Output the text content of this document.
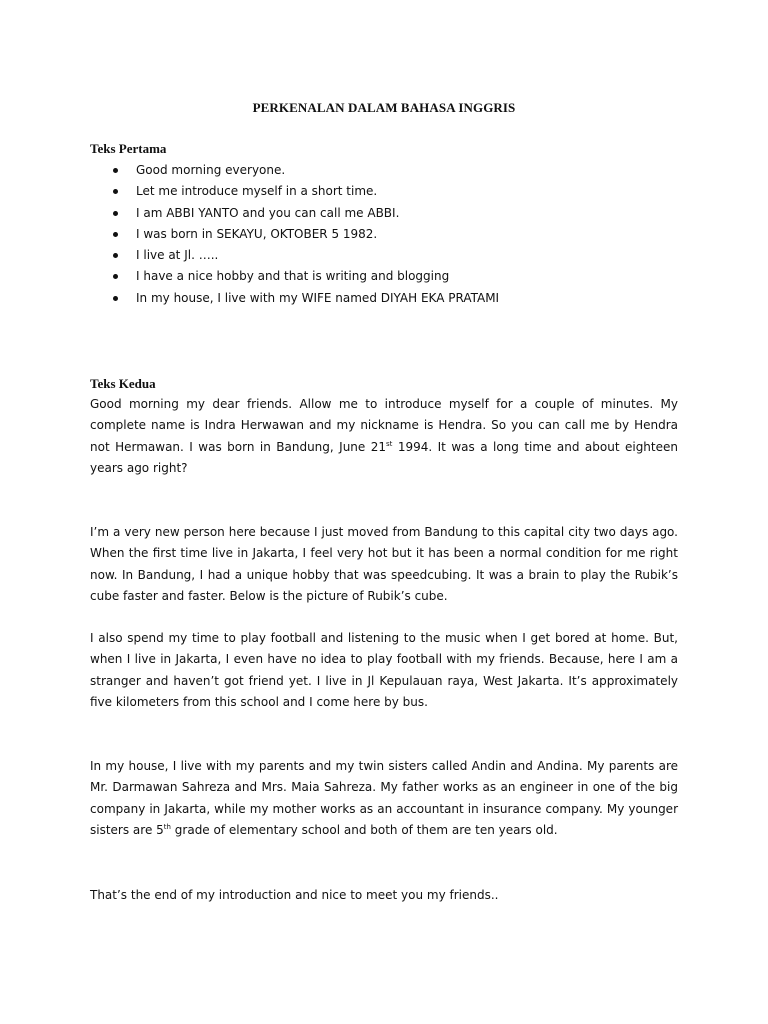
PERKENALAN DALAM BAHASA INGGRIS
Teks Pertama
Good morning everyone.
Let me introduce myself in a short time.
I am ABBI YANTO and you can call me ABBI.
I was born in SEKAYU, OKTOBER 5 1982.
I live at Jl. …..
I have a nice hobby and that is writing and blogging
In my house, I live with my WIFE named DIYAH EKA PRATAMI
Teks Kedua

Good morning my dear friends. Allow me to introduce myself for a couple of minutes. My complete name is Indra Herwawan and my nickname is Hendra. So you can call me by Hendra not Hermawan. I was born in Bandung, June 21st 1994. It was a long time and about eighteen years ago right?

I’m a very new person here because I just moved from Bandung to this capital city two days ago. When the first time live in Jakarta, I feel very hot but it has been a normal condition for me right now. In Bandung, I had a unique hobby that was speedcubing. It was a brain to play the Rubik’s cube faster and faster. Below is the picture of Rubik’s cube.

I also spend my time to play football and listening to the music when I get bored at home. But, when I live in Jakarta, I even have no idea to play football with my friends. Because, here I am a stranger and haven’t got friend yet. I live in Jl Kepulauan raya, West Jakarta. It’s approximately five kilometers from this school and I come here by bus.

In my house, I live with my parents and my twin sisters called Andin and Andina. My parents are Mr. Darmawan Sahreza and Mrs. Maia Sahreza. My father works as an engineer in one of the big company in Jakarta, while my mother works as an accountant in insurance company. My younger sisters are 5th grade of elementary school and both of them are ten years old.

That’s the end of my introduction and nice to meet you my friends..
